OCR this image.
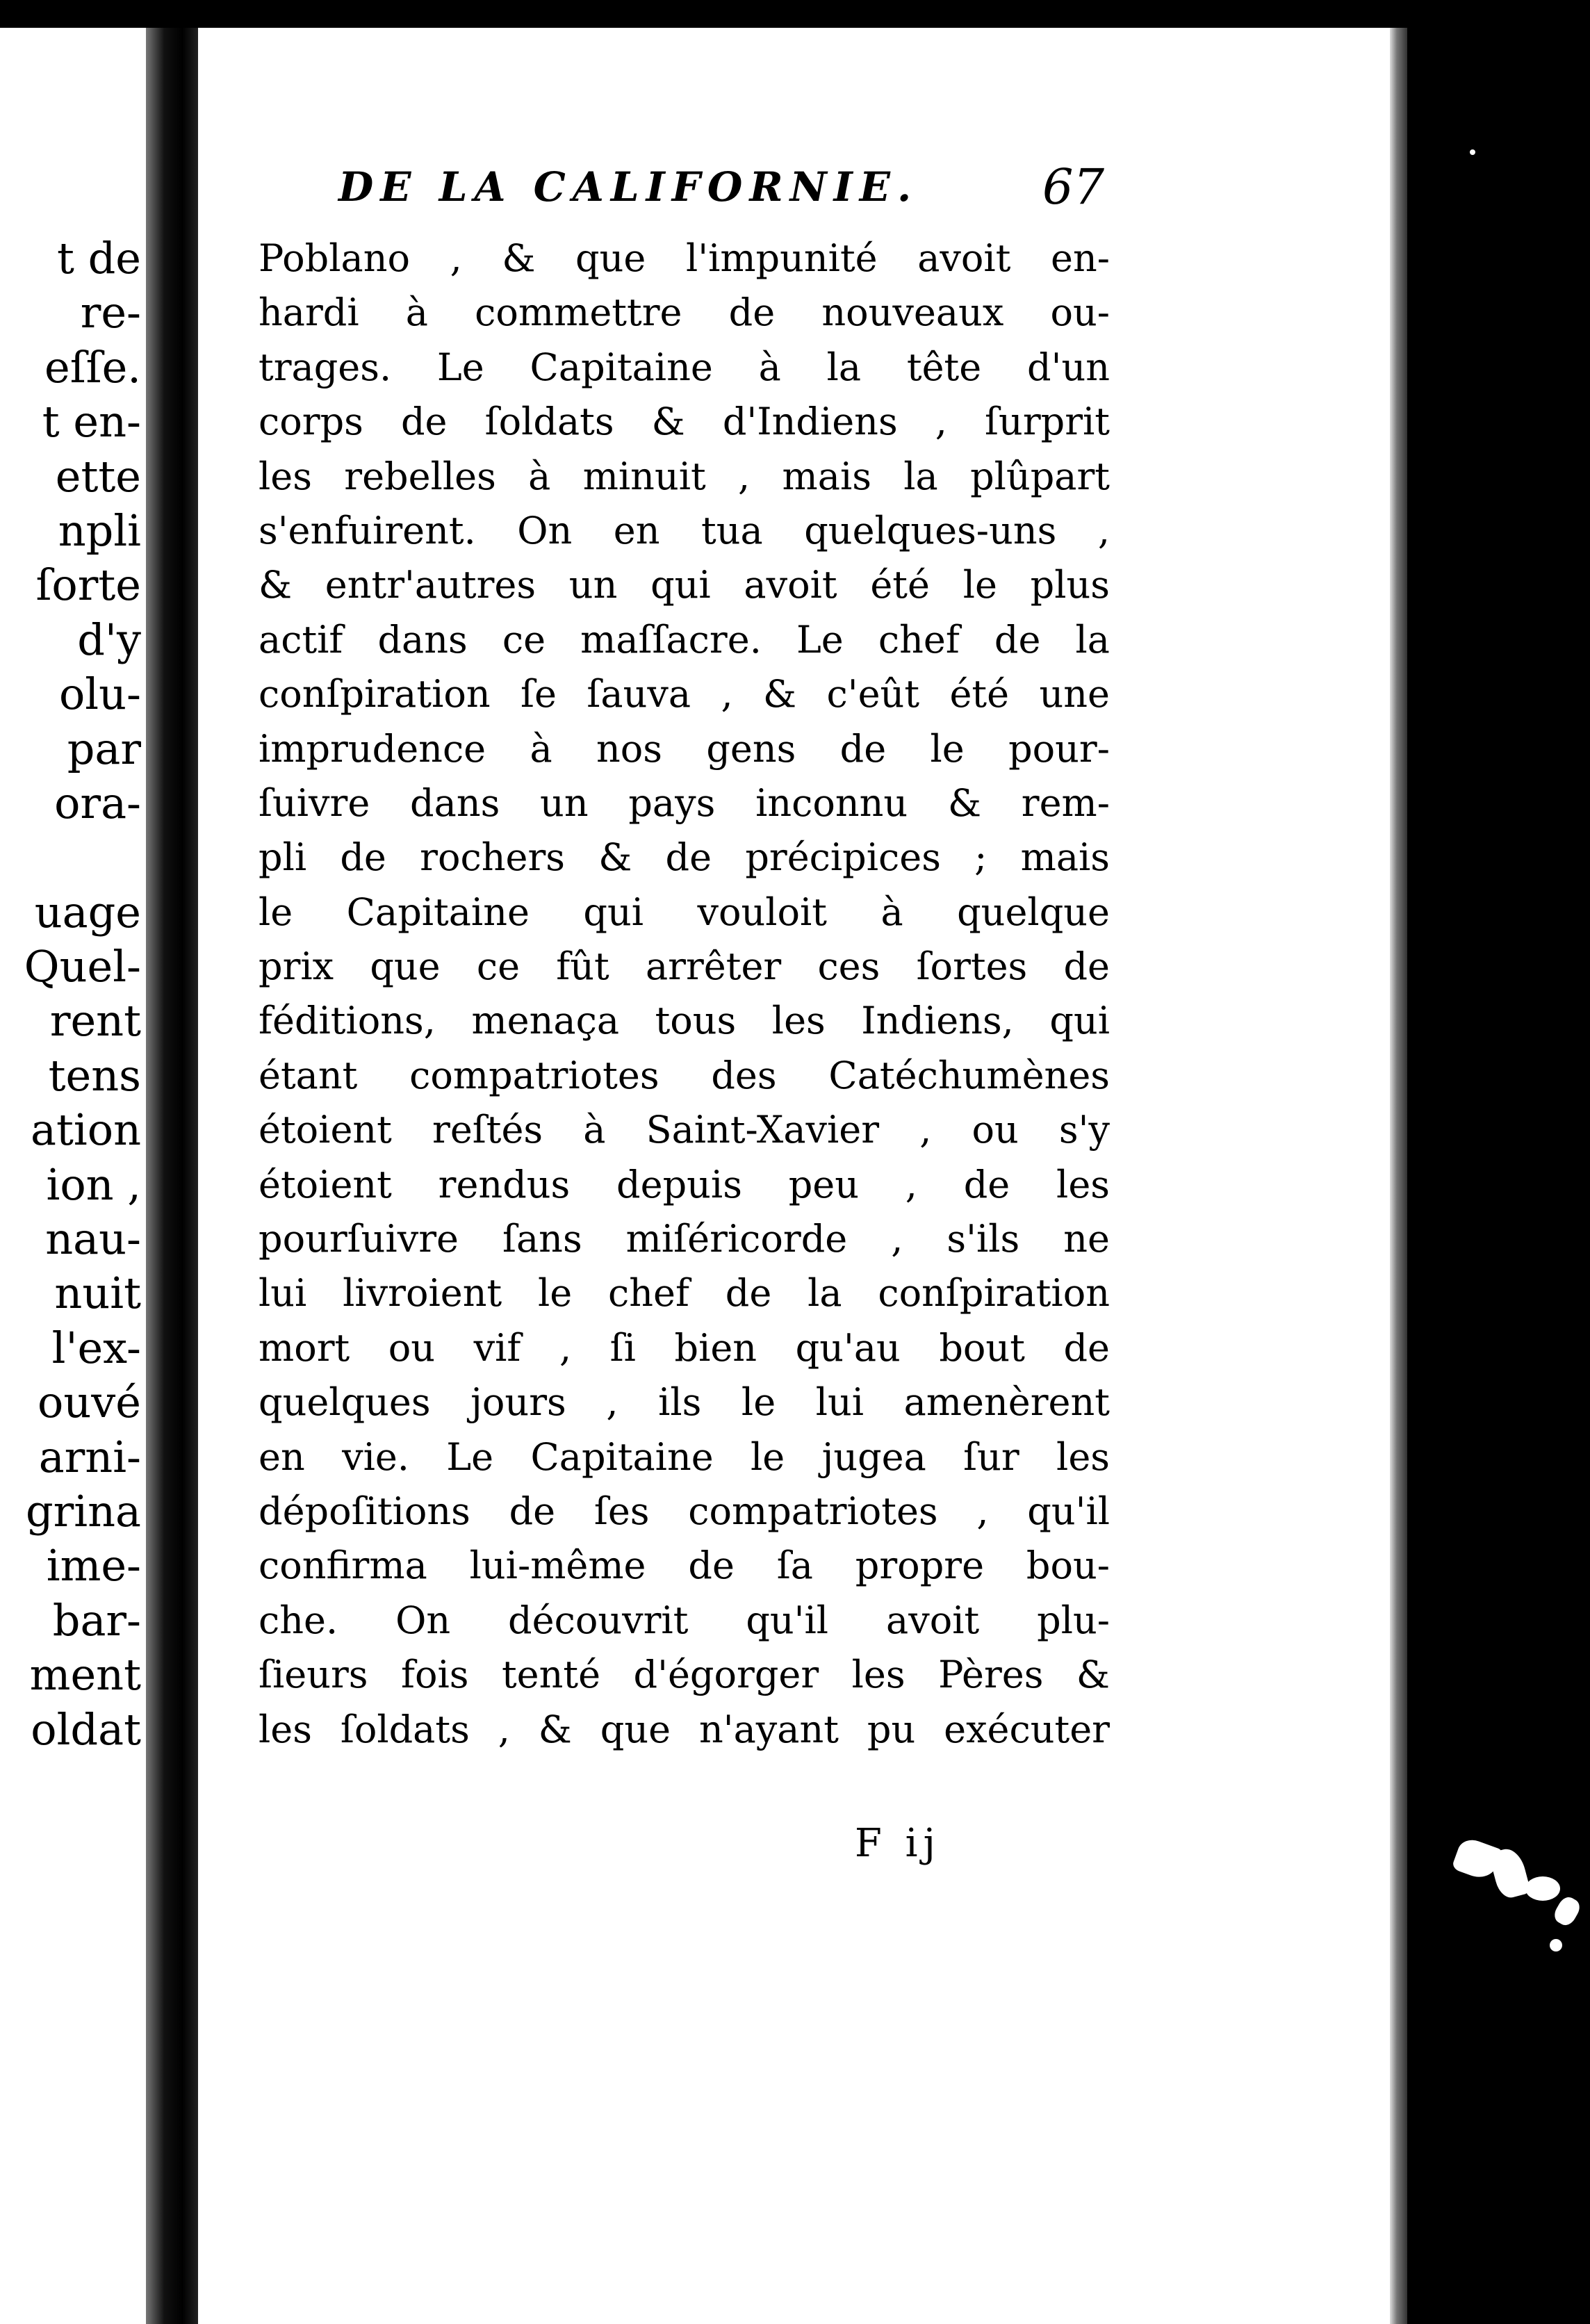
t de
re-
eſſe.
t en-
ette
npli
ſorte
d'y
olu-
par
ora-
uage
Quel-
rent
tens
ation
ion ,
nau-
nuit
l'ex-
ouvé
arni-
grina
ime-
bar-
ment
oldat
DE LA CALIFORNIE.	67
Poblano , & que l'impunité avoit en-
hardi à commettre de nouveaux ou-
trages. Le Capitaine à la tête d'un
corps de ſoldats & d'Indiens , ſurprit
les rebelles à minuit , mais la plûpart
s'enfuirent. On en tua quelques-uns ,
& entr'autres un qui avoit été le plus
actif dans ce maſſacre. Le chef de la
conſpiration ſe ſauva , & c'eût été une
imprudence à nos gens de le pour-
ſuivre dans un pays inconnu & rem-
pli de rochers & de précipices ; mais
le Capitaine qui vouloit à quelque
prix que ce fût arrêter ces ſortes de
féditions, menaça tous les Indiens, qui
étant compatriotes des Catéchumènes
étoient reſtés à Saint-Xavier , ou s'y
étoient rendus depuis peu , de les
pourſuivre ſans miſéricorde , s'ils ne
lui livroient le chef de la conſpiration
mort ou vif , ſi bien qu'au bout de
quelques jours , ils le lui amenèrent
en vie. Le Capitaine le jugea ſur les
dépoſitions de ſes compatriotes , qu'il
confirma lui-même de ſa propre bou-
che. On découvrit qu'il avoit plu-
ſieurs fois tenté d'égorger les Pères &
les ſoldats , & que n'ayant pu exécuter
F ij
